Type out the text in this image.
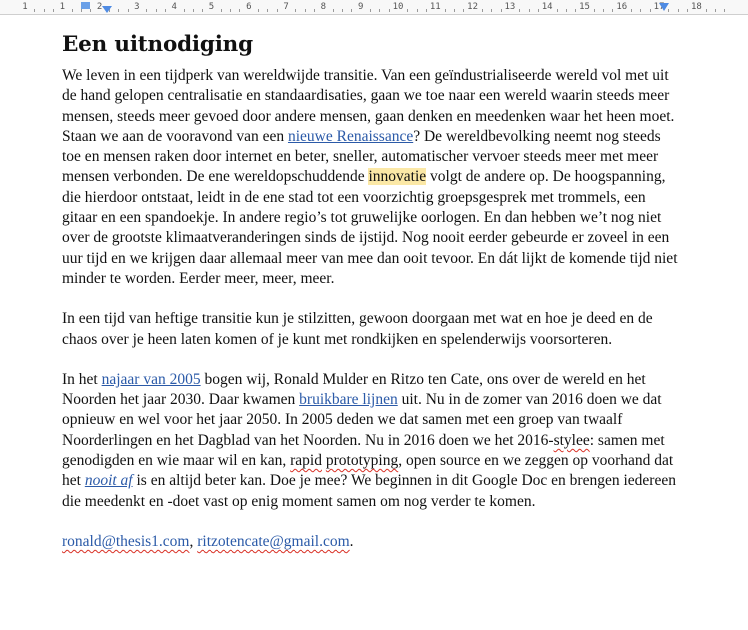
1	1	2	3	4	5	6	7	8	9	10	11	12	13	14	15	16	17	18
Een uitnodiging

We leven in een tijdperk van wereldwijde transitie. Van een geïndustrialiseerde wereld vol met uit de hand gelopen centralisatie en standaardisaties, gaan we toe naar een wereld waarin steeds meer mensen, steeds meer gevoed door andere mensen, gaan denken en meedenken waar het heen moet. Staan we aan de vooravond van een nieuwe Renaissance? De wereldbevolking neemt nog steeds toe en mensen raken door internet en beter, sneller, automatischer vervoer steeds meer met meer mensen verbonden. De ene wereldopschuddende innovatie volgt de andere op. De hoogspanning, die hierdoor ontstaat, leidt in de ene stad tot een voorzichtig groepsgesprek met trommels, een gitaar en een spandoekje. In andere regio’s tot gruwelijke oorlogen. En dan hebben we’t nog niet over de grootste klimaatveranderingen sinds de ijstijd. Nog nooit eerder gebeurde er zoveel in een uur tijd en we krijgen daar allemaal meer van mee dan ooit tevoor. En dát lijkt de komende tijd niet minder te worden. Eerder meer, meer, meer.

In een tijd van heftige transitie kun je stilzitten, gewoon doorgaan met wat en hoe je deed en de chaos over je heen laten komen of je kunt met rondkijken en spelenderwijs voorsorteren.

In het najaar van 2005 bogen wij, Ronald Mulder en Ritzo ten Cate, ons over de wereld en het Noorden het jaar 2030. Daar kwamen bruikbare lijnen uit. Nu in de zomer van 2016 doen we dat opnieuw en wel voor het jaar 2050. In 2005 deden we dat samen met een groep van twaalf Noorderlingen en het Dagblad van het Noorden. Nu in 2016 doen we het 2016-stylee: samen met genodigden en wie maar wil en kan, rapid prototyping, open source en we zeggen op voorhand dat het nooit af is en altijd beter kan. Doe je mee? We beginnen in dit Google Doc en brengen iedereen die meedenkt en -doet vast op enig moment samen om nog verder te komen.

ronald@thesis1.com, ritzotencate@gmail.com.
